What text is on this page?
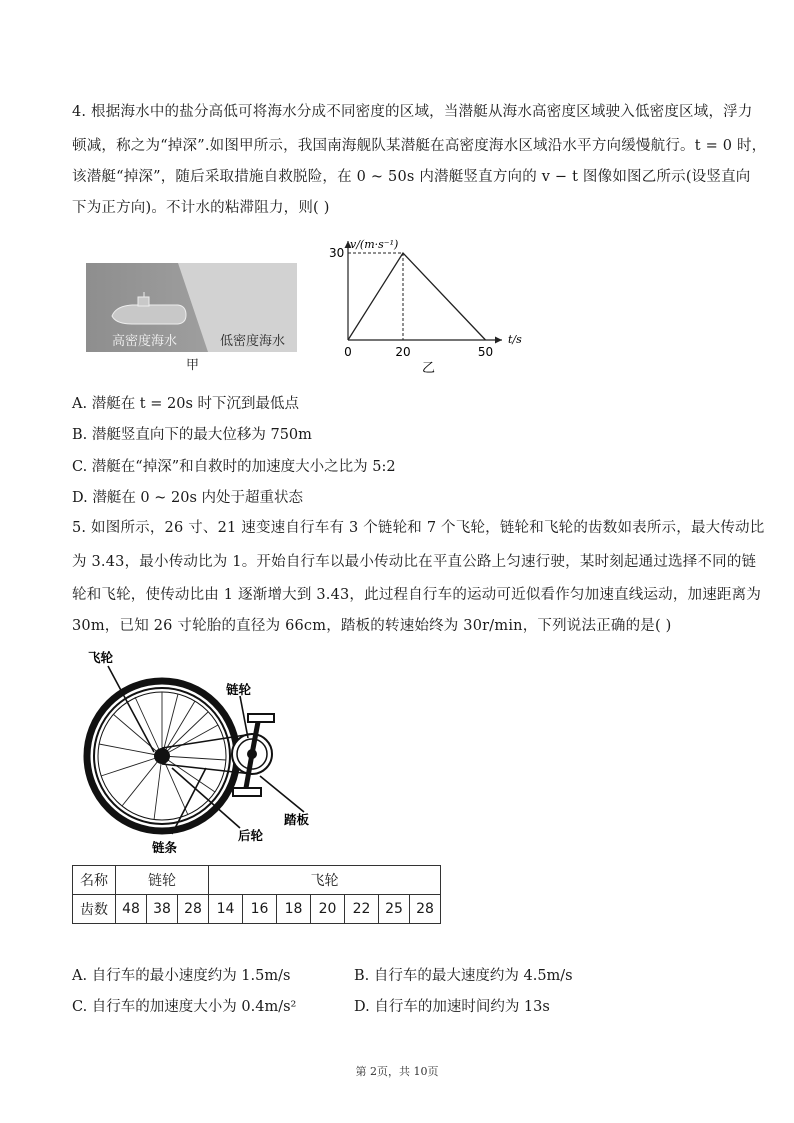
4. 根据海水中的盐分高低可将海水分成不同密度的区域，当潜艇从海水高密度区域驶入低密度区域，浮力
顿减，称之为“掉深”.如图甲所示，我国南海舰队某潜艇在高密度海水区域沿水平方向缓慢航行。t = 0 时，
该潜艇“掉深”，随后采取措施自救脱险，在 0 ~ 50s 内潜艇竖直方向的 v − t 图像如图乙所示(设竖直向
下为正方向)。不计水的粘滞阻力，则( )
高密度海水	低密度海水
甲
v/(m·s⁻¹)
t/s
30
0	20	50
乙
A. 潜艇在 t = 20s 时下沉到最低点
B. 潜艇竖直向下的最大位移为 750m
C. 潜艇在“掉深”和自救时的加速度大小之比为 5:2
D. 潜艇在 0 ~ 20s 内处于超重状态
5. 如图所示，26 寸、21 速变速自行车有 3 个链轮和 7 个飞轮，链轮和飞轮的齿数如表所示，最大传动比
为 3.43，最小传动比为 1。开始自行车以最小传动比在平直公路上匀速行驶，某时刻起通过选择不同的链
轮和飞轮，使传动比由 1 逐渐增大到 3.43，此过程自行车的运动可近似看作匀加速直线运动，加速距离为
30m，已知 26 寸轮胎的直径为 66cm，踏板的转速始终为 30r/min，下列说法正确的是( )
飞轮
链轮
踏板
后轮
链条
名称	链轮			飞轮						
齿数	48	38	28	14	16	18	20	22	25	28
A. 自行车的最小速度约为 1.5m/s	B. 自行车的最大速度约为 4.5m/s
C. 自行车的加速度大小为 0.4m/s²	D. 自行车的加速时间约为 13s
第 2页，共 10页
